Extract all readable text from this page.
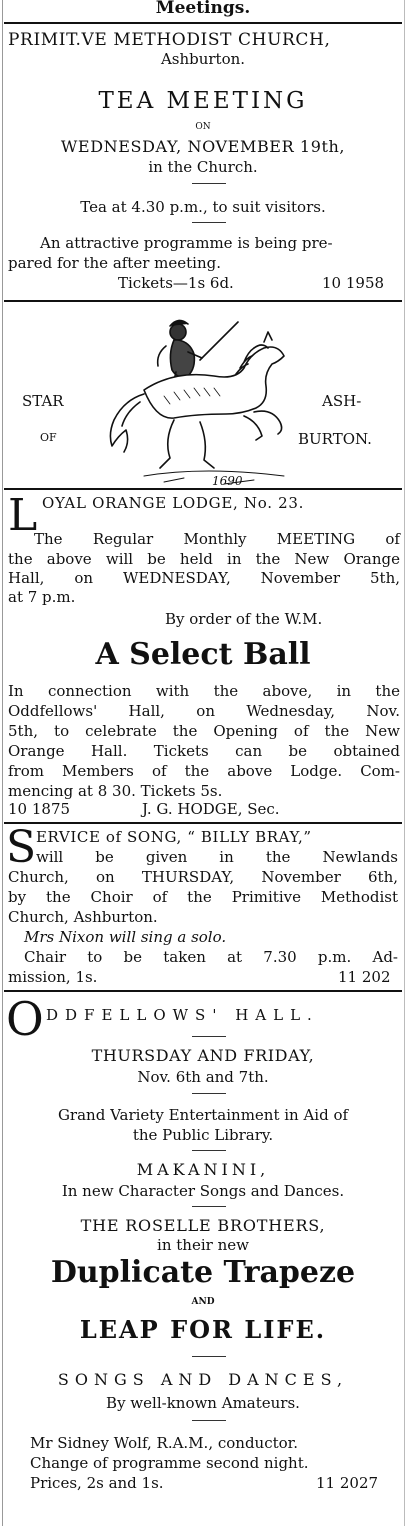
Meetings.
PRIMIT.VE METHODIST CHURCH,
Ashburton.
TEA MEETING
ON
WEDNESDAY, NOVEMBER 19th,
in the Church.
Tea at 4.30 p.m., to suit visitors.
An attractive programme is being pre-
pared for the after meeting.
Tickets—1s 6d.	10 1958
STAR
OF
ASH-
BURTON.
1690
L OYAL ORANGE LODGE, No. 23.
The Regular Monthly MEETING of
the above will be held in the New Orange
Hall, on WEDNESDAY, November 5th,
at 7 p.m.
By order of the W.M.
A Select Ball
In connection with the above, in the
Oddfellows' Hall, on Wednesday, Nov.
5th, to celebrate the Opening of the New
Orange Hall. Tickets can be obtained
from Members of the above Lodge. Com-
mencing at 8 30. Tickets 5s.
10 1875	J. G. HODGE, Sec.
S ERVICE of SONG, “ BILLY BRAY,”
will be given in the Newlands
Church, on THURSDAY, November 6th,
by the Choir of the Primitive Methodist
Church, Ashburton.
Mrs Nixon will sing a solo.
Chair to be taken at 7.30 p.m. Ad-
mission, 1s.	11 202
O DDFELLOWS' HALL.
THURSDAY AND FRIDAY,
Nov. 6th and 7th.
Grand Variety Entertainment in Aid of
the Public Library.
MAKANINI,
In new Character Songs and Dances.
THE ROSELLE BROTHERS,
in their new
Duplicate Trapeze
AND
LEAP FOR LIFE.
SONGS AND DANCES,
By well-known Amateurs.
Mr Sidney Wolf, R.A.M., conductor.
Change of programme second night.
Prices, 2s and 1s.	11 2027
